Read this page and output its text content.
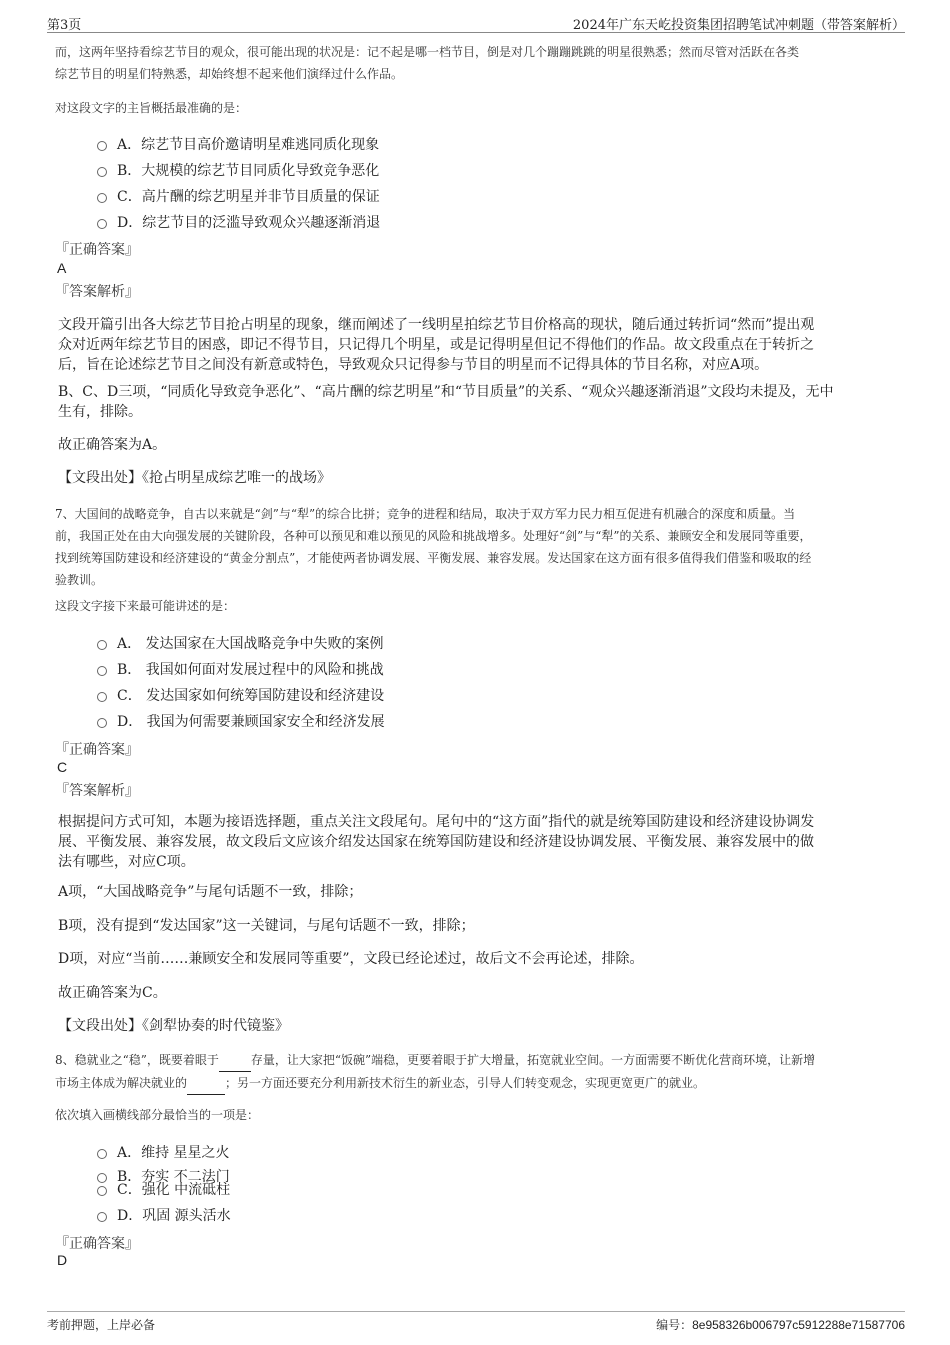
第3页	2024年广东天屹投资集团招聘笔试冲刺题（带答案解析）
而，这两年坚持看综艺节目的观众，很可能出现的状况是：记不起是哪一档节目，倒是对几个蹦蹦跳跳的明星很熟悉；然而尽管对活跃在各类
综艺节目的明星们特熟悉，却始终想不起来他们演绎过什么作品。
对这段文字的主旨概括最准确的是：
A．综艺节目高价邀请明星难逃同质化现象
B．大规模的综艺节目同质化导致竞争恶化
C．高片酬的综艺明星并非节目质量的保证
D．综艺节目的泛滥导致观众兴趣逐渐消退
『正确答案』
A
『答案解析』
文段开篇引出各大综艺节目抢占明星的现象，继而阐述了一线明星拍综艺节目价格高的现状，随后通过转折词“然而”提出观
众对近两年综艺节目的困惑，即记不得节目，只记得几个明星，或是记得明星但记不得他们的作品。故文段重点在于转折之
后，旨在论述综艺节目之间没有新意或特色，导致观众只记得参与节目的明星而不记得具体的节目名称，对应A项。
B、C、D三项，“同质化导致竞争恶化”、“高片酬的综艺明星”和“节目质量”的关系、“观众兴趣逐渐消退”文段均未提及，无中
生有，排除。
故正确答案为A。
【文段出处】《抢占明星成综艺唯一的战场》
7、大国间的战略竞争，自古以来就是“剑”与“犁”的综合比拼；竞争的进程和结局，取决于双方军力民力相互促进有机融合的深度和质量。当
前，我国正处在由大向强发展的关键阶段，各种可以预见和难以预见的风险和挑战增多。处理好“剑”与“犁”的关系、兼顾安全和发展同等重要，
找到统筹国防建设和经济建设的“黄金分割点”，才能使两者协调发展、平衡发展、兼容发展。发达国家在这方面有很多值得我们借鉴和吸取的经
验教训。
这段文字接下来最可能讲述的是：
A． 发达国家在大国战略竞争中失败的案例
B． 我国如何面对发展过程中的风险和挑战
C． 发达国家如何统筹国防建设和经济建设
D． 我国为何需要兼顾国家安全和经济发展
『正确答案』
C
『答案解析』
根据提问方式可知，本题为接语选择题，重点关注文段尾句。尾句中的“这方面”指代的就是统筹国防建设和经济建设协调发
展、平衡发展、兼容发展，故文段后文应该介绍发达国家在统筹国防建设和经济建设协调发展、平衡发展、兼容发展中的做
法有哪些，对应C项。
A项，“大国战略竞争”与尾句话题不一致，排除；
B项，没有提到“发达国家”这一关键词，与尾句话题不一致，排除；
D项，对应“当前……兼顾安全和发展同等重要”，文段已经论述过，故后文不会再论述，排除。
故正确答案为C。
【文段出处】《剑犁协奏的时代镜鉴》
8、稳就业之“稳”，既要着眼于	存量，让大家把“饭碗”端稳，更要着眼于扩大增量，拓宽就业空间。一方面需要不断优化营商环境，让新增
市场主体成为解决就业的	；另一方面还要充分利用新技术衍生的新业态，引导人们转变观念，实现更宽更广的就业。
依次填入画横线部分最恰当的一项是：
A．维持 星星之火
B．夯实 不二法门
C．强化 中流砥柱
D．巩固 源头活水
『正确答案』
D
考前押题，上岸必备	编号：8e958326b006797c5912288e71587706
